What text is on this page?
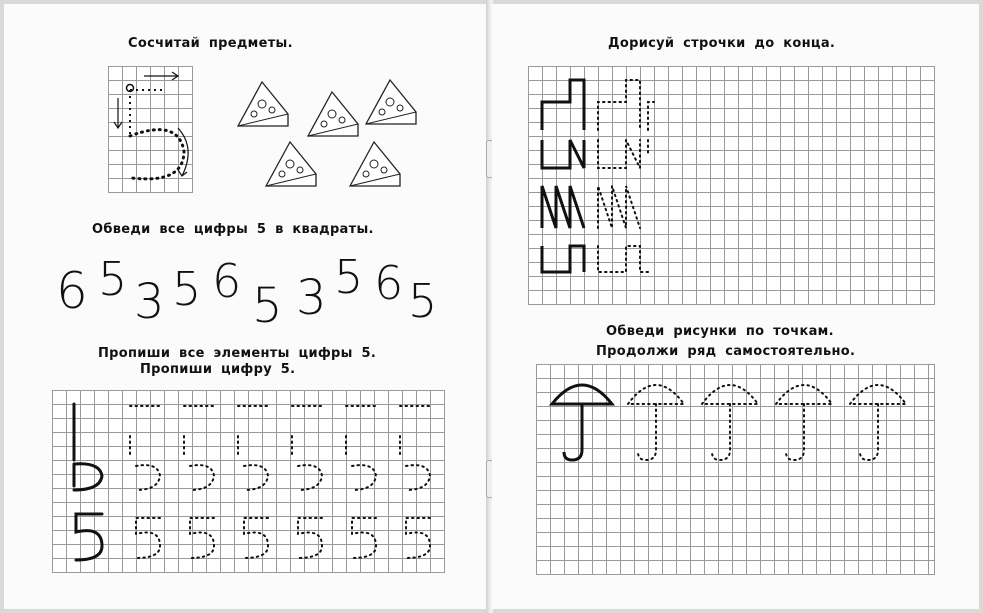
Сосчитай предметы.
Обведи все цифры 5 в квадраты.
6 5 3 5 6 5 3 5 6 5
Пропиши все элементы цифры 5.
Пропиши цифру 5.
Дорисуй строчки до конца.
Обведи рисунки по точкам.
Продолжи ряд самостоятельно.
